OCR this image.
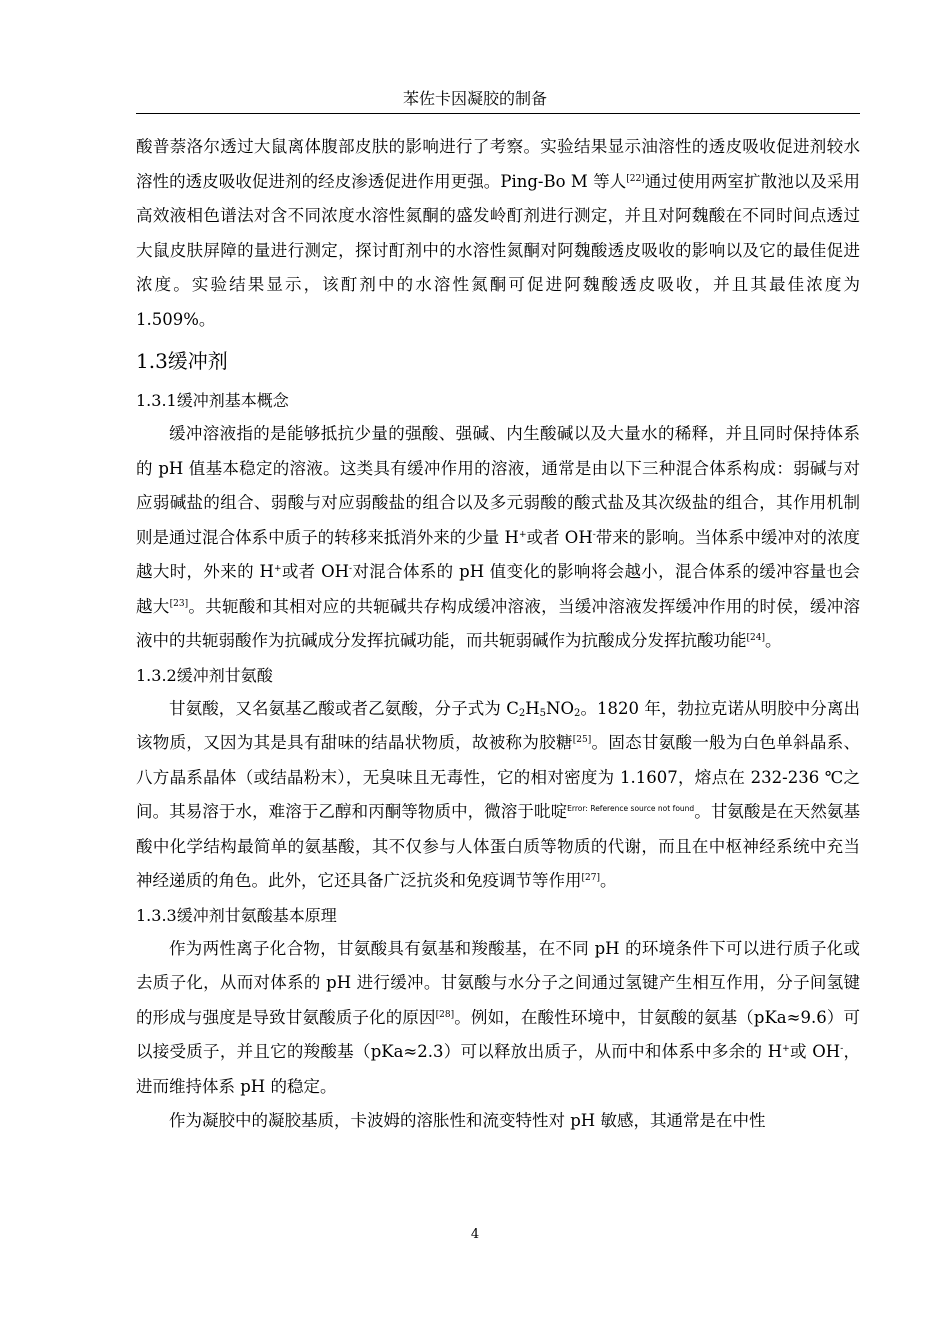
苯佐卡因凝胶的制备

酸普萘洛尔透过大鼠离体腹部皮肤的影响进行了考察。实验结果显示油溶性的透皮吸收促进剂较水溶性的透皮吸收促进剂的经皮渗透促进作用更强。Ping-Bo M 等人[22]通过使用两室扩散池以及采用高效液相色谱法对含不同浓度水溶性氮酮的盛发岭酊剂进行测定，并且对阿魏酸在不同时间点透过大鼠皮肤屏障的量进行测定，探讨酊剂中的水溶性氮酮对阿魏酸透皮吸收的影响以及它的最佳促进浓度。实验结果显示，该酊剂中的水溶性氮酮可促进阿魏酸透皮吸收，并且其最佳浓度为 1.509%。

1.3缓冲剂
1.3.1缓冲剂基本概念

缓冲溶液指的是能够抵抗少量的强酸、强碱、内生酸碱以及大量水的稀释，并且同时保持体系的 pH 值基本稳定的溶液。这类具有缓冲作用的溶液，通常是由以下三种混合体系构成：弱碱与对应弱碱盐的组合、弱酸与对应弱酸盐的组合以及多元弱酸的酸式盐及其次级盐的组合，其作用机制则是通过混合体系中质子的转移来抵消外来的少量 H+或者 OH-带来的影响。当体系中缓冲对的浓度越大时，外来的 H+或者 OH-对混合体系的 pH 值变化的影响将会越小，混合体系的缓冲容量也会越大[23]。共轭酸和其相对应的共轭碱共存构成缓冲溶液，当缓冲溶液发挥缓冲作用的时侯，缓冲溶液中的共轭弱酸作为抗碱成分发挥抗碱功能，而共轭弱碱作为抗酸成分发挥抗酸功能[24]。

1.3.2缓冲剂甘氨酸

甘氨酸，又名氨基乙酸或者乙氨酸，分子式为 $C_2H_5NO_2$。1820 年，勃拉克诺从明胶中分离出该物质，又因为其是具有甜味的结晶状物质，故被称为胶糖[25]。固态甘氨酸一般为白色单斜晶系、八方晶系晶体（或结晶粉末），无臭味且无毒性，它的相对密度为 1.1607，熔点在 232-236 ℃之间。其易溶于水，难溶于乙醇和丙酮等物质中，微溶于吡啶$^{Error: Reference source not found}$。甘氨酸是在天然氨基酸中化学结构最简单的氨基酸，其不仅参与人体蛋白质等物质的代谢，而且在中枢神经系统中充当神经递质的角色。此外，它还具备广泛抗炎和免疫调节等作用[27]。

1.3.3缓冲剂甘氨酸基本原理

作为两性离子化合物，甘氨酸具有氨基和羧酸基，在不同 pH 的环境条件下可以进行质子化或去质子化，从而对体系的 pH 进行缓冲。甘氨酸与水分子之间通过氢键产生相互作用，分子间氢键的形成与强度是导致甘氨酸质子化的原因[28]。例如，在酸性环境中，甘氨酸的氨基（pKa≈9.6）可以接受质子，并且它的羧酸基（pKa≈2.3）可以释放出质子，从而中和体系中多余的 H+或 OH-，进而维持体系 pH 的稳定。

作为凝胶中的凝胶基质，卡波姆的溶胀性和流变特性对 pH 敏感，其通常是在中性

4
